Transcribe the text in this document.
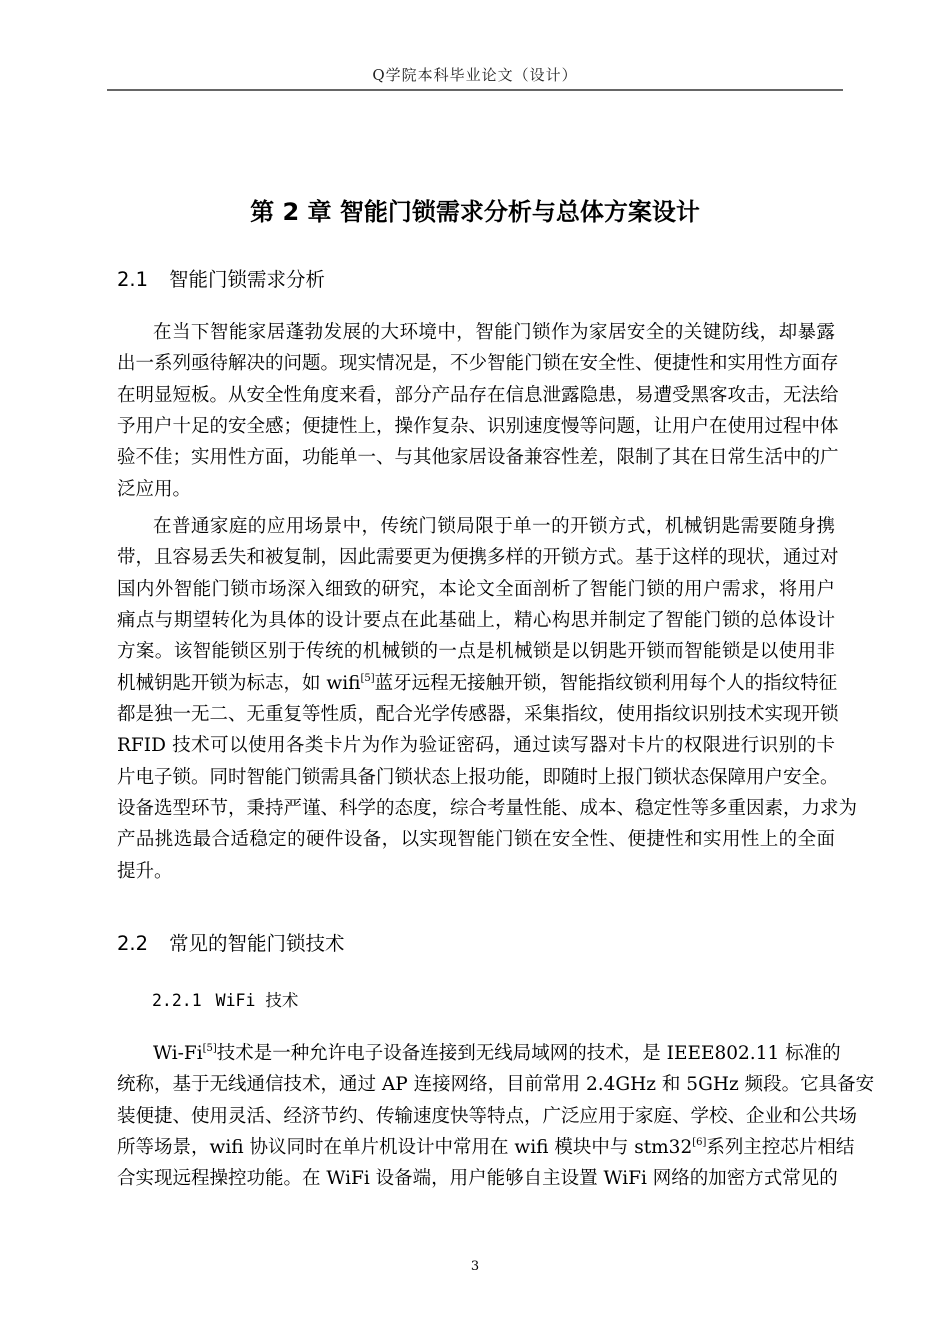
Q学院本科毕业论文（设计）
第 2 章 智能门锁需求分析与总体方案设计
2.1 智能门锁需求分析
在当下智能家居蓬勃发展的大环境中，智能门锁作为家居安全的关键防线，却暴露
出一系列亟待解决的问题。现实情况是，不少智能门锁在安全性、便捷性和实用性方面存
在明显短板。从安全性角度来看，部分产品存在信息泄露隐患，易遭受黑客攻击，无法给
予用户十足的安全感；便捷性上，操作复杂、识别速度慢等问题，让用户在使用过程中体
验不佳；实用性方面，功能单一、与其他家居设备兼容性差，限制了其在日常生活中的广
泛应用。
在普通家庭的应用场景中，传统门锁局限于单一的开锁方式，机械钥匙需要随身携
带，且容易丢失和被复制，因此需要更为便携多样的开锁方式。基于这样的现状，通过对
国内外智能门锁市场深入细致的研究，本论文全面剖析了智能门锁的用户需求，将用户
痛点与期望转化为具体的设计要点在此基础上，精心构思并制定了智能门锁的总体设计
方案。该智能锁区别于传统的机械锁的一点是机械锁是以钥匙开锁而智能锁是以使用非
机械钥匙开锁为标志，如 wifi[5]蓝牙远程无接触开锁，智能指纹锁利用每个人的指纹特征
都是独一无二、无重复等性质，配合光学传感器，采集指纹，使用指纹识别技术实现开锁
RFID 技术可以使用各类卡片为作为验证密码，通过读写器对卡片的权限进行识别的卡
片电子锁。同时智能门锁需具备门锁状态上报功能，即随时上报门锁状态保障用户安全。
设备选型环节，秉持严谨、科学的态度，综合考量性能、成本、稳定性等多重因素，力求为
产品挑选最合适稳定的硬件设备，以实现智能门锁在安全性、便捷性和实用性上的全面
提升。
2.2 常见的智能门锁技术
2.2.1 WiFi 技术
Wi-Fi[5]技术是一种允许电子设备连接到无线局域网的技术，是 IEEE802.11 标准的
统称，基于无线通信技术，通过 AP 连接网络，目前常用 2.4GHz 和 5GHz 频段。它具备安
装便捷、使用灵活、经济节约、传输速度快等特点，广泛应用于家庭、学校、企业和公共场
所等场景，wifi 协议同时在单片机设计中常用在 wifi 模块中与 stm32[6]系列主控芯片相结
合实现远程操控功能。在 WiFi 设备端，用户能够自主设置 WiFi 网络的加密方式常见的
3
